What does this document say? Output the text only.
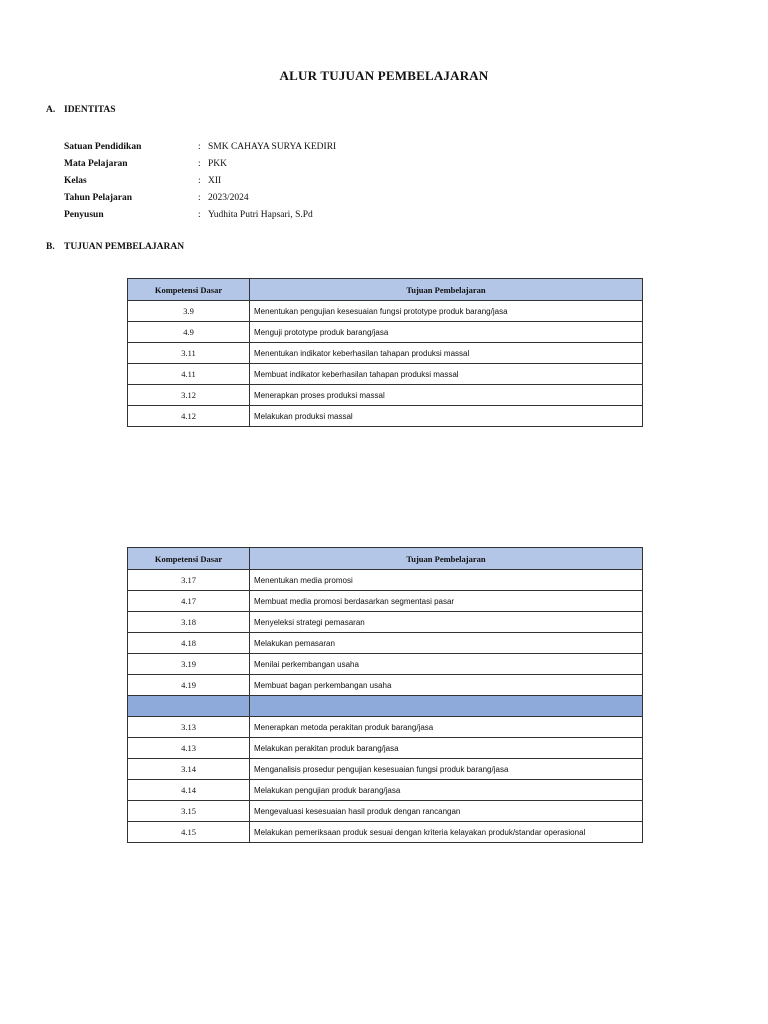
ALUR TUJUAN PEMBELAJARAN
A. IDENTITAS
Satuan Pendidikan	: SMK CAHAYA SURYA KEDIRI
Mata Pelajaran	: PKK
Kelas	: XII
Tahun Pelajaran	: 2023/2024
Penyusun	: Yudhita Putri Hapsari, S.Pd
B. TUJUAN PEMBELAJARAN
Kompetensi Dasar	Tujuan Pembelajaran
3.9	Menentukan pengujian kesesuaian fungsi prototype produk barang/jasa
4.9	Menguji prototype produk barang/jasa
3.11	Menentukan indikator keberhasilan tahapan produksi massal
4.11	Membuat indikator keberhasilan tahapan produksi massal
3.12	Menerapkan proses produksi massal
4.12	Melakukan produksi massal
Kompetensi Dasar	Tujuan Pembelajaran
3.17	Menentukan media promosi
4.17	Membuat media promosi berdasarkan segmentasi pasar
3.18	Menyeleksi strategi pemasaran
4.18	Melakukan pemasaran
3.19	Menilai perkembangan usaha
4.19	Membuat bagan perkembangan usaha

3.13	Menerapkan metoda perakitan produk barang/jasa
4.13	Melakukan perakitan produk barang/jasa
3.14	Menganalisis prosedur pengujian kesesuaian fungsi produk barang/jasa
4.14	Melakukan pengujian produk barang/jasa
3.15	Mengevaluasi kesesuaian hasil produk dengan rancangan
4.15	Melakukan pemeriksaan produk sesuai dengan kriteria kelayakan produk/standar operasional
